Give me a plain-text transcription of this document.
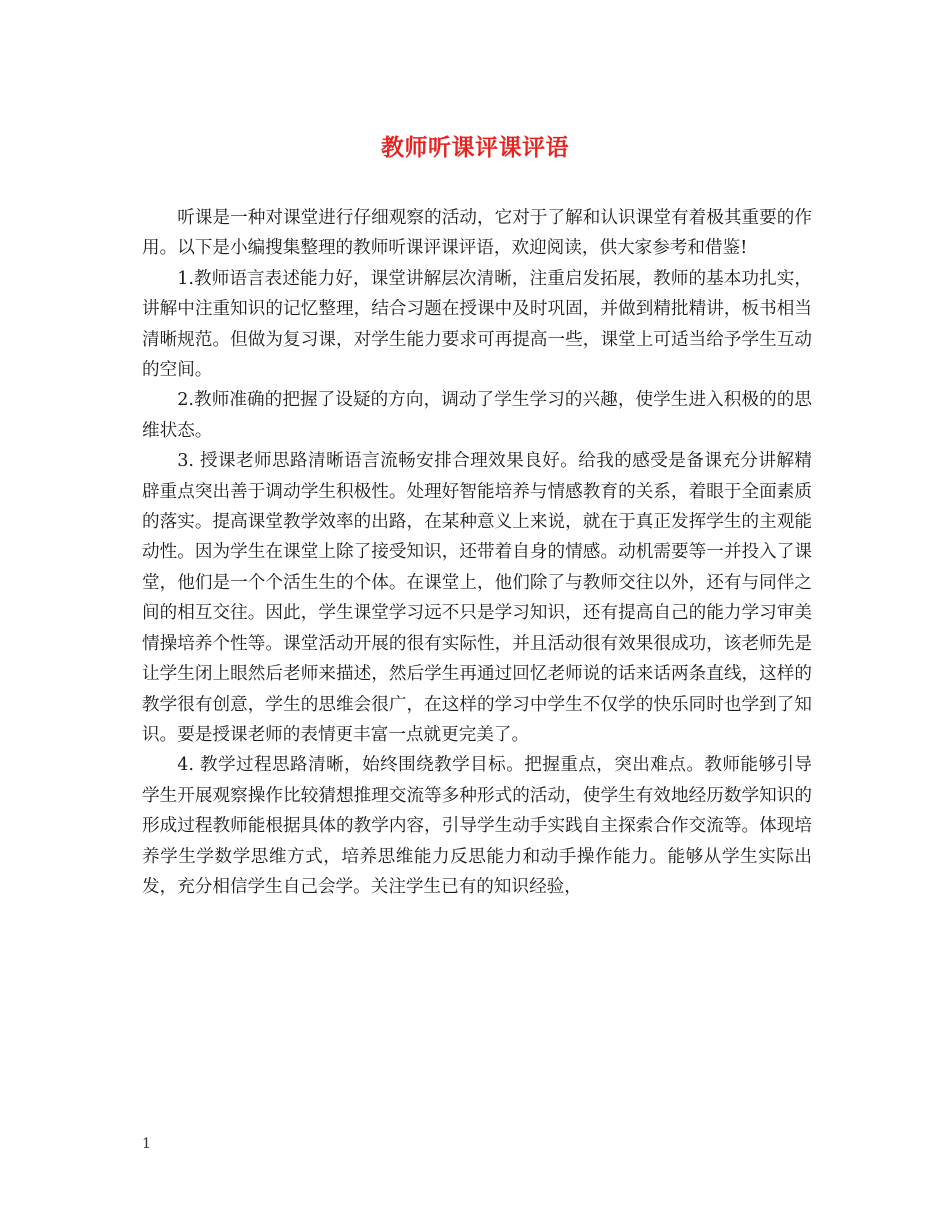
教师听课评课评语

听课是一种对课堂进行仔细观察的活动，它对于了解和认识课堂有着极其重要的作用。以下是小编搜集整理的教师听课评课评语，欢迎阅读，供大家参考和借鉴!

1.教师语言表述能力好，课堂讲解层次清晰，注重启发拓展，教师的基本功扎实，讲解中注重知识的记忆整理，结合习题在授课中及时巩固，并做到精批精讲，板书相当清晰规范。但做为复习课，对学生能力要求可再提高一些，课堂上可适当给予学生互动的空间。

2.教师准确的把握了设疑的方向，调动了学生学习的兴趣，使学生进入积极的的思维状态。

3. 授课老师思路清晰语言流畅安排合理效果良好。给我的感受是备课充分讲解精辟重点突出善于调动学生积极性。处理好智能培养与情感教育的关系，着眼于全面素质的落实。提高课堂教学效率的出路，在某种意义上来说，就在于真正发挥学生的主观能动性。因为学生在课堂上除了接受知识，还带着自身的情感。动机需要等一并投入了课堂，他们是一个个活生生的个体。在课堂上，他们除了与教师交往以外，还有与同伴之间的相互交往。因此，学生课堂学习远不只是学习知识，还有提高自己的能力学习审美情操培养个性等。课堂活动开展的很有实际性，并且活动很有效果很成功，该老师先是让学生闭上眼然后老师来描述，然后学生再通过回忆老师说的话来话两条直线，这样的教学很有创意，学生的思维会很广，在这样的学习中学生不仅学的快乐同时也学到了知识。要是授课老师的表情更丰富一点就更完美了。

4. 教学过程思路清晰，始终围绕教学目标。把握重点，突出难点。教师能够引导学生开展观察操作比较猜想推理交流等多种形式的活动，使学生有效地经历数学知识的形成过程教师能根据具体的教学内容，引导学生动手实践自主探索合作交流等。体现培养学生学数学思维方式，培养思维能力反思能力和动手操作能力。能够从学生实际出发，充分相信学生自己会学。关注学生已有的知识经验，

1
